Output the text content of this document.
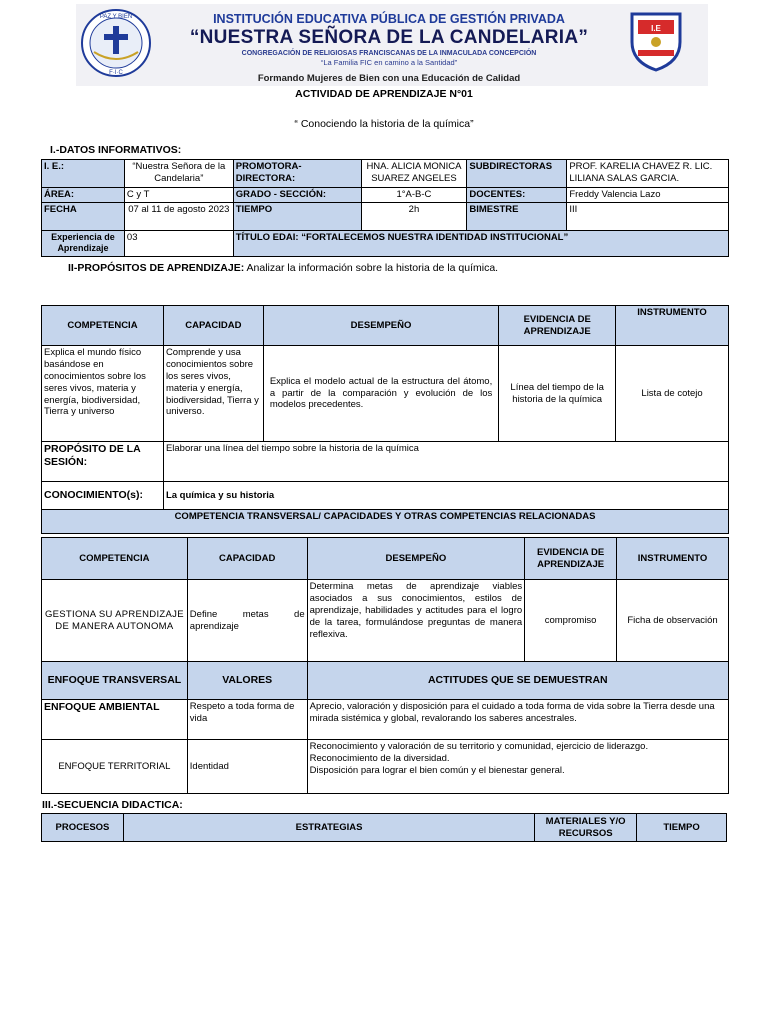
PAZ Y BIEN
F·I·C
I.E
INSTITUCIÓN EDUCATIVA PÚBLICA DE GESTIÓN PRIVADA
“NUESTRA SEÑORA DE LA CANDELARIA”
CONGREGACIÓN DE RELIGIOSAS FRANCISCANAS DE LA INMACULADA CONCEPCIÓN
“La Familia FIC en camino a la Santidad”
Formando Mujeres de Bien con una Educación de Calidad
ACTIVIDAD DE APRENDIZAJE N°01
“ Conociendo la historia de la química”
I.-DATOS INFORMATIVOS:
I. E.:	“Nuestra Señora de la Candelaria”	PROMOTORA-DIRECTORA:	HNA. ALICIA MONICA SUAREZ ANGELES	SUBDIRECTORAS	PROF. KARELIA CHAVEZ R. LIC. LILIANA SALAS GARCIA.
ÁREA:	C y T	GRADO - SECCIÓN:	1°A-B-C	DOCENTES:	Freddy Valencia Lazo
FECHA	07 al 11 de agosto 2023	TIEMPO	2h	BIMESTRE	III
Experiencia de Aprendizaje	03	TÍTULO EDAI: “FORTALECEMOS NUESTRA IDENTIDAD INSTITUCIONAL”			
II-PROPÓSITOS DE APRENDIZAJE: Analizar la información sobre la historia de la química.
COMPETENCIA	CAPACIDAD	DESEMPEÑO	EVIDENCIA DE APRENDIZAJE	INSTRUMENTO
Explica el mundo físico basándose en conocimientos sobre los seres vivos, materia y energía, biodiversidad, Tierra y universo	Comprende y usa conocimientos sobre los seres vivos, materia y energía, biodiversidad, Tierra y universo.	Explica el modelo actual de la estructura del átomo, a partir de la comparación y evolución de los modelos precedentes.	Línea del tiempo de la historia de la química	Lista de cotejo
PROPÓSITO DE LA SESIÓN:	Elaborar una línea del tiempo sobre la historia de la química			
CONOCIMIENTO(s):	La química y su historia			
COMPETENCIA TRANSVERSAL/ CAPACIDADES Y OTRAS COMPETENCIAS RELACIONADAS				
COMPETENCIA	CAPACIDAD	DESEMPEÑO	EVIDENCIA DE APRENDIZAJE	INSTRUMENTO
GESTIONA SU APRENDIZAJE DE MANERA AUTONOMA	Define metas de aprendizaje	Determina metas de aprendizaje viables asociados a sus conocimientos, estilos de aprendizaje, habilidades y actitudes para el logro de la tarea, formulándose preguntas de manera reflexiva.	compromiso	Ficha de observación
ENFOQUE TRANSVERSAL	VALORES	ACTITUDES QUE SE DEMUESTRAN		
ENFOQUE AMBIENTAL	Respeto a toda forma de vida	Aprecio, valoración y disposición para el cuidado a toda forma de vida sobre la Tierra desde una mirada sistémica y global, revalorando los saberes ancestrales.		
ENFOQUE TERRITORIAL	Identidad	Reconocimiento y valoración de su territorio y comunidad, ejercicio de liderazgo.
Reconocimiento de la diversidad.
Disposición para lograr el bien común y el bienestar general.		
III.-SECUENCIA DIDACTICA:
PROCESOS	ESTRATEGIAS	MATERIALES Y/O RECURSOS	TIEMPO
